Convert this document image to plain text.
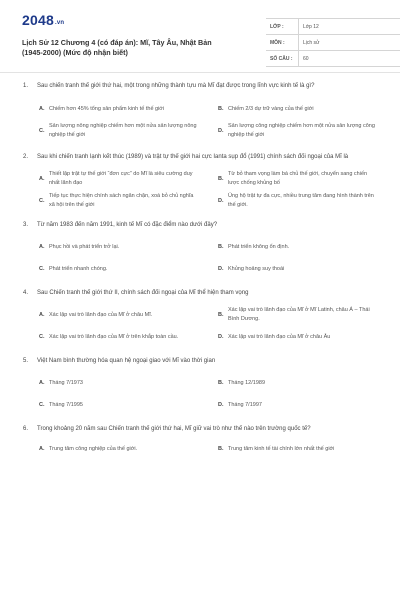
2048.vn
Lịch Sử 12 Chương 4 (có đáp án): Mĩ, Tây Âu, Nhật Bản (1945-2000) (Mức độ nhận biết)
LỚP :	Lớp 12
MÔN :	Lịch sử
SỐ CÂU :	60
1. Sau chiến tranh thế giới thứ hai, một trong những thành tựu mà Mĩ đạt được trong lĩnh vực kinh tế là gì?
A. Chiếm hơn 45% tổng sản phẩm kinh tế thế giới	B. Chiếm 2/3 dự trữ vàng của thế giới
C.
Sản lượng nông nghiệp chiếm hơn một nửa sản lượng nông nghiệp thế giới
D.
Sản lượng công nghiệp chiếm hơn một nửa sản lượng công nghiệp thế giới
2. Sau khi chiến tranh lạnh kết thúc (1989) và trật tự thế giới hai cực Ianta sụp đổ (1991) chính sách đối ngoại của Mĩ là
A.
Thiết lập trật tự thế giới “đơn cực” do Mĩ là siêu cường duy nhất lãnh đạo
B.
Từ bỏ tham vọng làm bá chủ thế giới, chuyển sang chiến lược chống khủng bố
C.
Tiếp tục thực hiện chính sách ngăn chặn, xoá bỏ chủ nghĩa xã hội trên thế giới
D.
Ủng hộ trật tự đa cực, nhiều trung tâm đang hình thành trên thế giới.
3. Từ năm 1983 đến năm 1991, kinh tế Mĩ có đặc điểm nào dưới đây?
A. Phục hồi và phát triển trở lại.	B. Phát triển không ổn định.
C. Phát triển nhanh chóng.	D. Khủng hoảng suy thoái
4. Sau Chiến tranh thế giới thứ II, chính sách đối ngoại của Mĩ thể hiện tham vọng
A. Xác lập vai trò lãnh đạo của Mĩ ở châu Mĩ.	B.
Xác lập vai trò lãnh đạo của Mĩ ở Mĩ Latinh, châu Á – Thái Bình Dương.
C. Xác lập vai trò lãnh đạo của Mĩ ở trên khắp toàn cầu.	D. Xác lập vai trò lãnh đạo của Mĩ ở châu Âu
5. Việt Nam bình thường hóa quan hệ ngoại giao với Mĩ vào thời gian
A. Tháng 7/1973	B. Tháng 12/1989
C. Tháng 7/1995	D. Tháng 7/1997
6. Trong khoảng 20 năm sau Chiến tranh thế giới thứ hai, Mĩ giữ vai trò như thế nào trên trường quốc tế?
A. Trung tâm công nghiệp của thế giới.	B. Trung tâm kinh tế tài chính lớn nhất thế giới
